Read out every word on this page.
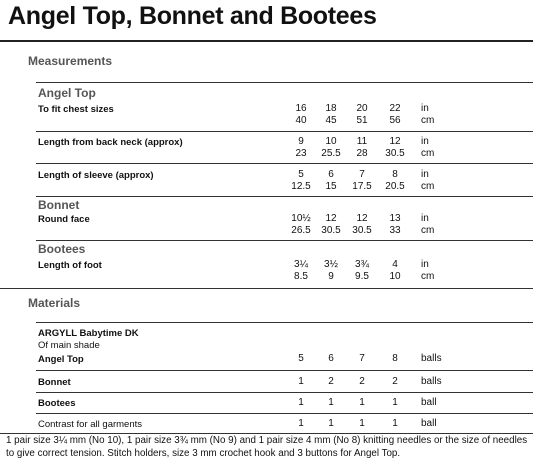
Angel Top, Bonnet and Bootees
Measurements
Angel Top
To fit chest sizes	16	18	20	22	in
40	45	51	56	cm
Length from back neck (approx)	9	10	11	12	in
23	25.5	28	30.5	cm
Length of sleeve (approx)	5	6	7	8	in
12.5	15	17.5	20.5	cm
Bonnet
Round face	10½	12	12	13	in
26.5	30.5	30.5	33	cm
Bootees
Length of foot	3¼	3½	3¾	4	in
8.5	9	9.5	10	cm
Materials
ARGYLL Babytime DK
Of main shade
Angel Top	5	6	7	8	balls
Bonnet	1	2	2	2	balls
Bootees	1	1	1	1	ball
Contrast for all garments	1	1	1	1	ball
1 pair size 3¼ mm (No 10), 1 pair size 3¾ mm (No 9) and 1 pair size 4 mm (No 8) knitting needles or the size of needles to give correct tension. Stitch holders, size 3 mm crochet hook and 3 buttons for Angel Top.
